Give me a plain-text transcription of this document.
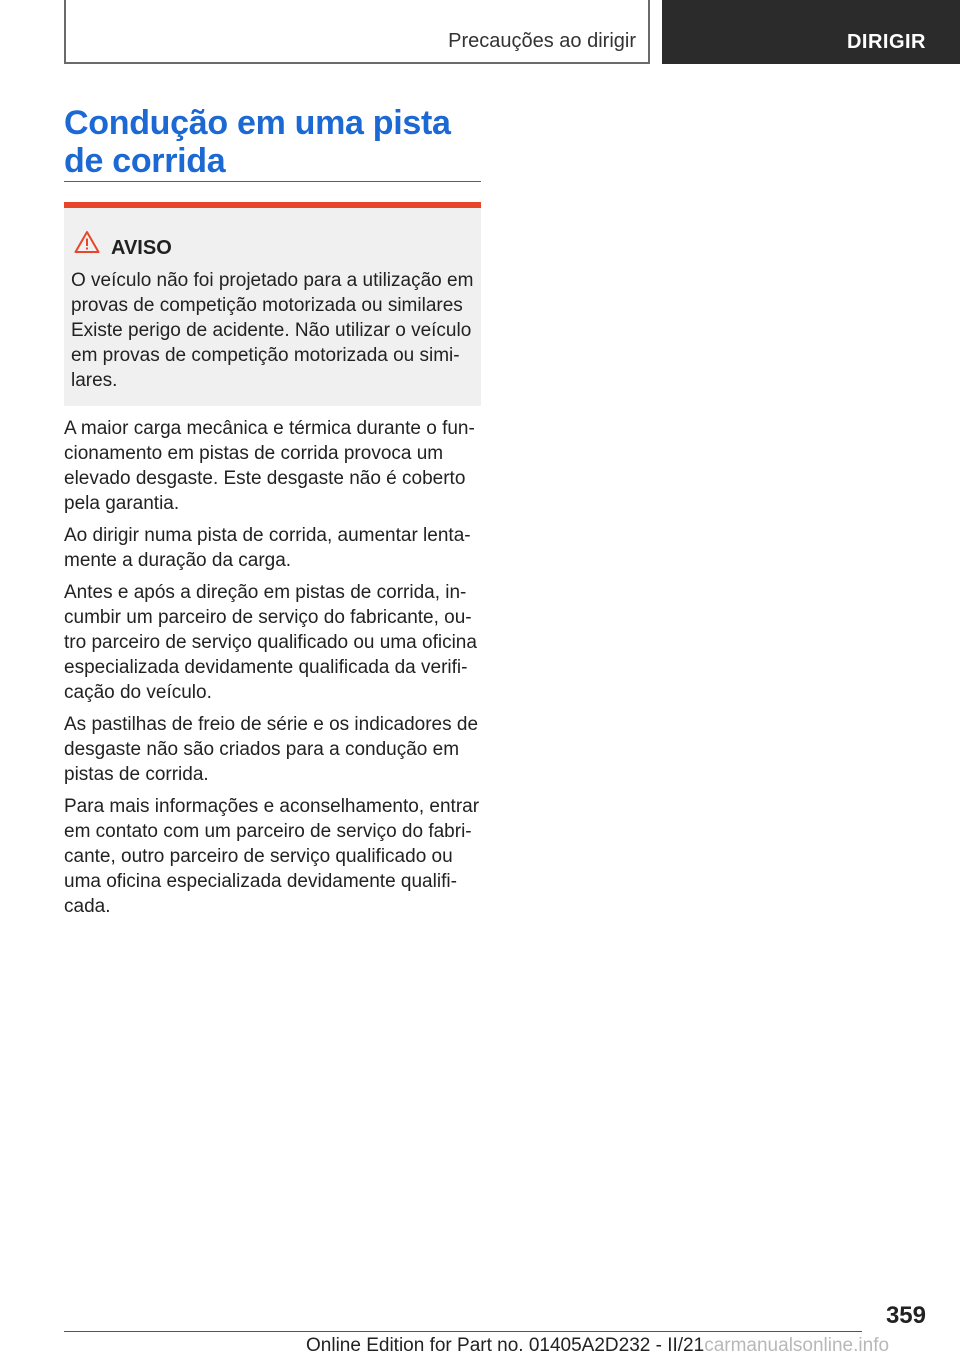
Precauções ao dirigir	DIRIGIR
Condução em uma pista de corrida
AVISO

O veículo não foi projetado para a utilização em provas de competição motorizada ou similares Existe perigo de acidente. Não utilizar o veículo em provas de competição motorizada ou simi-lares.

A maior carga mecânica e térmica durante o fun-cionamento em pistas de corrida provoca um elevado desgaste. Este desgaste não é coberto pela garantia.

Ao dirigir numa pista de corrida, aumentar lenta-mente a duração da carga.

Antes e após a direção em pistas de corrida, in-cumbir um parceiro de serviço do fabricante, ou-tro parceiro de serviço qualificado ou uma oficina especializada devidamente qualificada da verifi-cação do veículo.

As pastilhas de freio de série e os indicadores de desgaste não são criados para a condução em pistas de corrida.

Para mais informações e aconselhamento, entrar em contato com um parceiro de serviço do fabri-cante, outro parceiro de serviço qualificado ou uma oficina especializada devidamente qualifi-cada.

359
Online Edition for Part no. 01405A2D232 - II/21carmanualsonline.info
